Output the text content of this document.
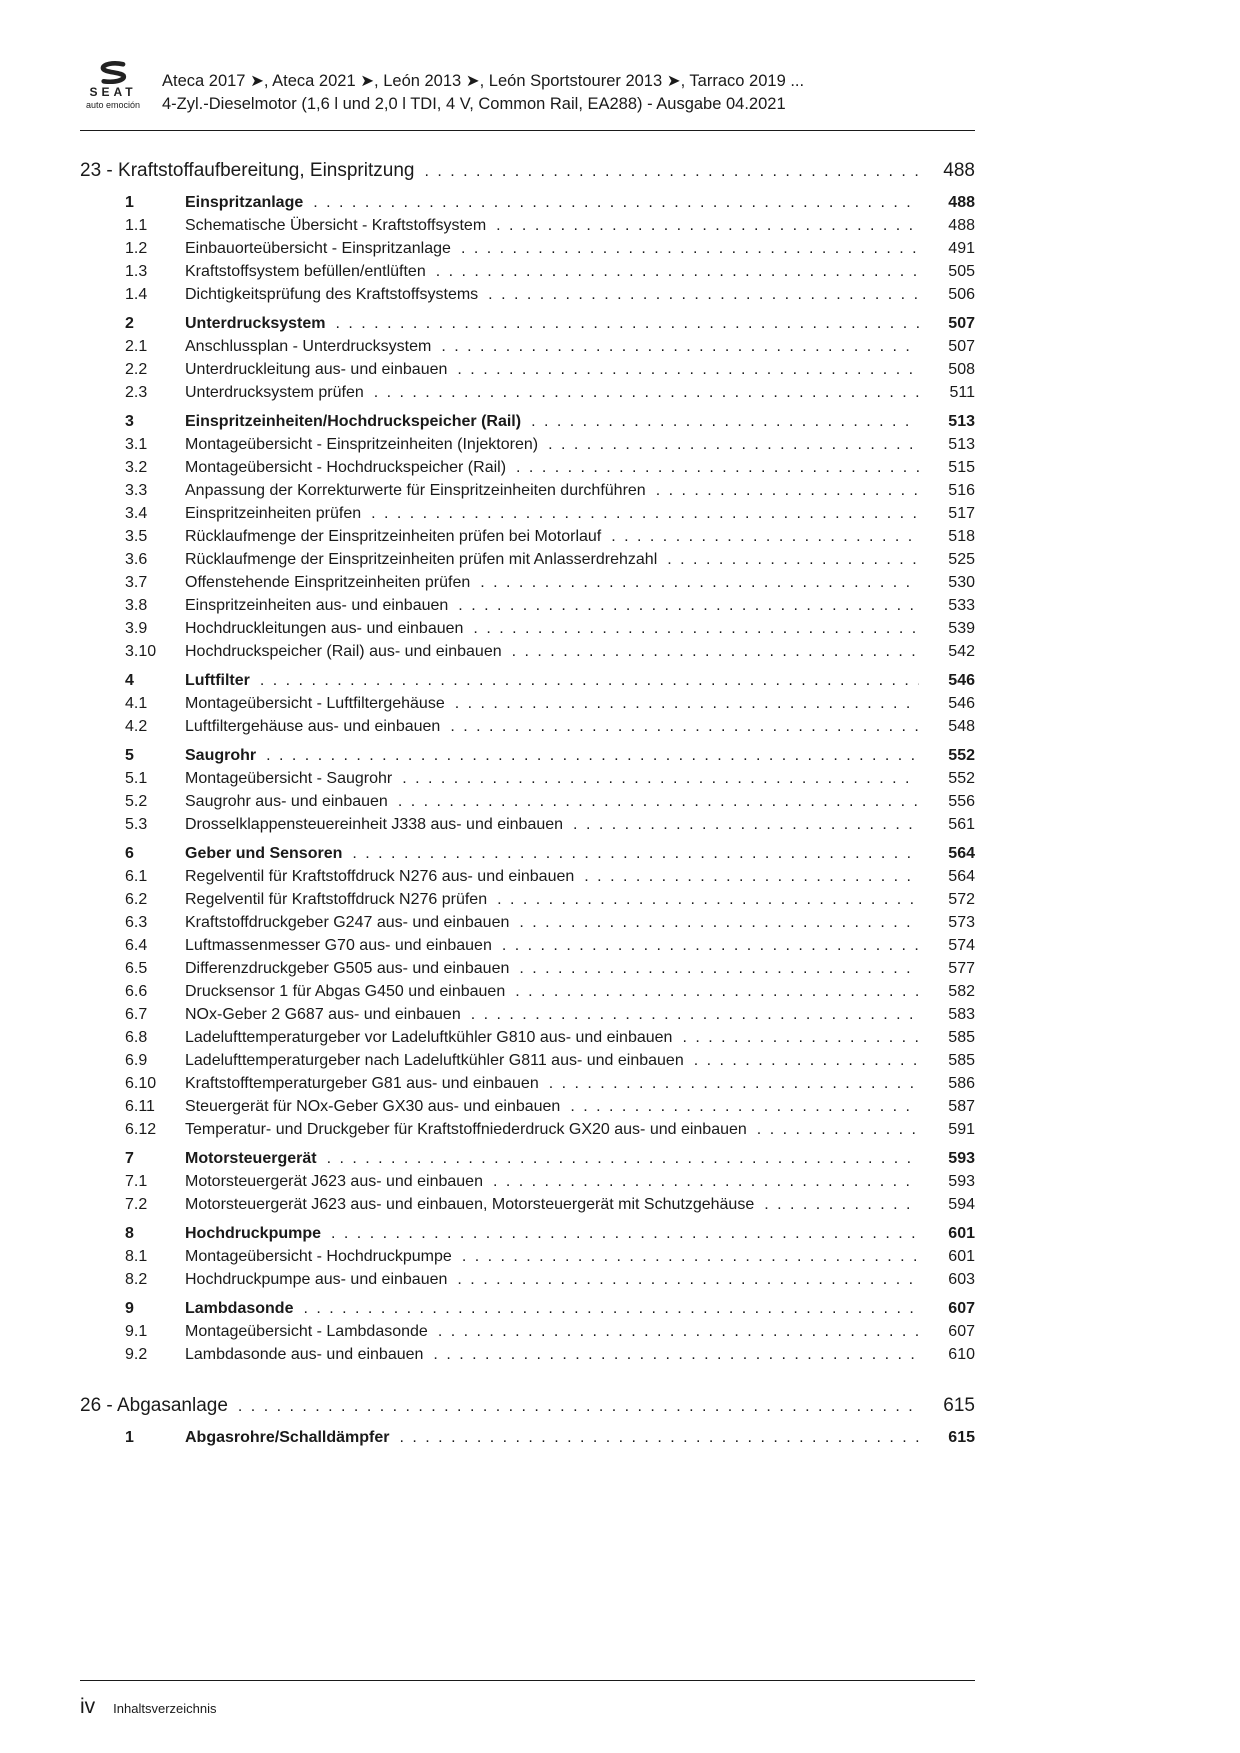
SEAT
auto emoción
Ateca 2017 ➤, Ateca 2021 ➤, León 2013 ➤, León Sportstourer 2013 ➤, Tarraco 2019 ...
4-Zyl.-Dieselmotor (1,6 l und 2,0 l TDI, 4 V, Common Rail, EA288) - Ausgabe 04.2021
23 - Kraftstoffaufbereitung, Einspritzung . . .	488
1	Einspritzanlage . . .	488
1.1	Schematische Übersicht - Kraftstoffsystem . . .	488
1.2	Einbauorteübersicht - Einspritzanlage . . .	491
1.3	Kraftstoffsystem befüllen/entlüften . . .	505
1.4	Dichtigkeitsprüfung des Kraftstoffsystems . . .	506
2	Unterdrucksystem . . .	507
2.1	Anschlussplan - Unterdrucksystem . . .	507
2.2	Unterdruckleitung aus- und einbauen . . .	508
2.3	Unterdrucksystem prüfen . . .	511
3	Einspritzeinheiten/Hochdruckspeicher (Rail) . . .	513
3.1	Montageübersicht - Einspritzeinheiten (Injektoren) . . .	513
3.2	Montageübersicht - Hochdruckspeicher (Rail) . . .	515
3.3	Anpassung der Korrekturwerte für Einspritzeinheiten durchführen . . .	516
3.4	Einspritzeinheiten prüfen . . .	517
3.5	Rücklaufmenge der Einspritzeinheiten prüfen bei Motorlauf . . .	518
3.6	Rücklaufmenge der Einspritzeinheiten prüfen mit Anlasserdrehzahl . . .	525
3.7	Offenstehende Einspritzeinheiten prüfen . . .	530
3.8	Einspritzeinheiten aus- und einbauen . . .	533
3.9	Hochdruckleitungen aus- und einbauen . . .	539
3.10	Hochdruckspeicher (Rail) aus- und einbauen . . .	542
4	Luftfilter . . .	546
4.1	Montageübersicht - Luftfiltergehäuse . . .	546
4.2	Luftfiltergehäuse aus- und einbauen . . .	548
5	Saugrohr . . .	552
5.1	Montageübersicht - Saugrohr . . .	552
5.2	Saugrohr aus- und einbauen . . .	556
5.3	Drosselklappensteuereinheit J338 aus- und einbauen . . .	561
6	Geber und Sensoren . . .	564
6.1	Regelventil für Kraftstoffdruck N276 aus- und einbauen . . .	564
6.2	Regelventil für Kraftstoffdruck N276 prüfen . . .	572
6.3	Kraftstoffdruckgeber G247 aus- und einbauen . . .	573
6.4	Luftmassenmesser G70 aus- und einbauen . . .	574
6.5	Differenzdruckgeber G505 aus- und einbauen . . .	577
6.6	Drucksensor 1 für Abgas G450 und einbauen . . .	582
6.7	NOx-Geber 2 G687 aus- und einbauen . . .	583
6.8	Ladelufttemperaturgeber vor Ladeluftkühler G810 aus- und einbauen . . .	585
6.9	Ladelufttemperaturgeber nach Ladeluftkühler G811 aus- und einbauen . . .	585
6.10	Kraftstofftemperaturgeber G81 aus- und einbauen . . .	586
6.11	Steuergerät für NOx-Geber GX30 aus- und einbauen . . .	587
6.12	Temperatur- und Druckgeber für Kraftstoffniederdruck GX20 aus- und einbauen . . .	591
7	Motorsteuergerät . . .	593
7.1	Motorsteuergerät J623 aus- und einbauen . . .	593
7.2	Motorsteuergerät J623 aus- und einbauen, Motorsteuergerät mit Schutzgehäuse . . .	594
8	Hochdruckpumpe . . .	601
8.1	Montageübersicht - Hochdruckpumpe . . .	601
8.2	Hochdruckpumpe aus- und einbauen . . .	603
9	Lambdasonde . . .	607
9.1	Montageübersicht - Lambdasonde . . .	607
9.2	Lambdasonde aus- und einbauen . . .	610
26 - Abgasanlage . . .	615
1	Abgasrohre/Schalldämpfer . . .	615
iv Inhaltsverzeichnis
